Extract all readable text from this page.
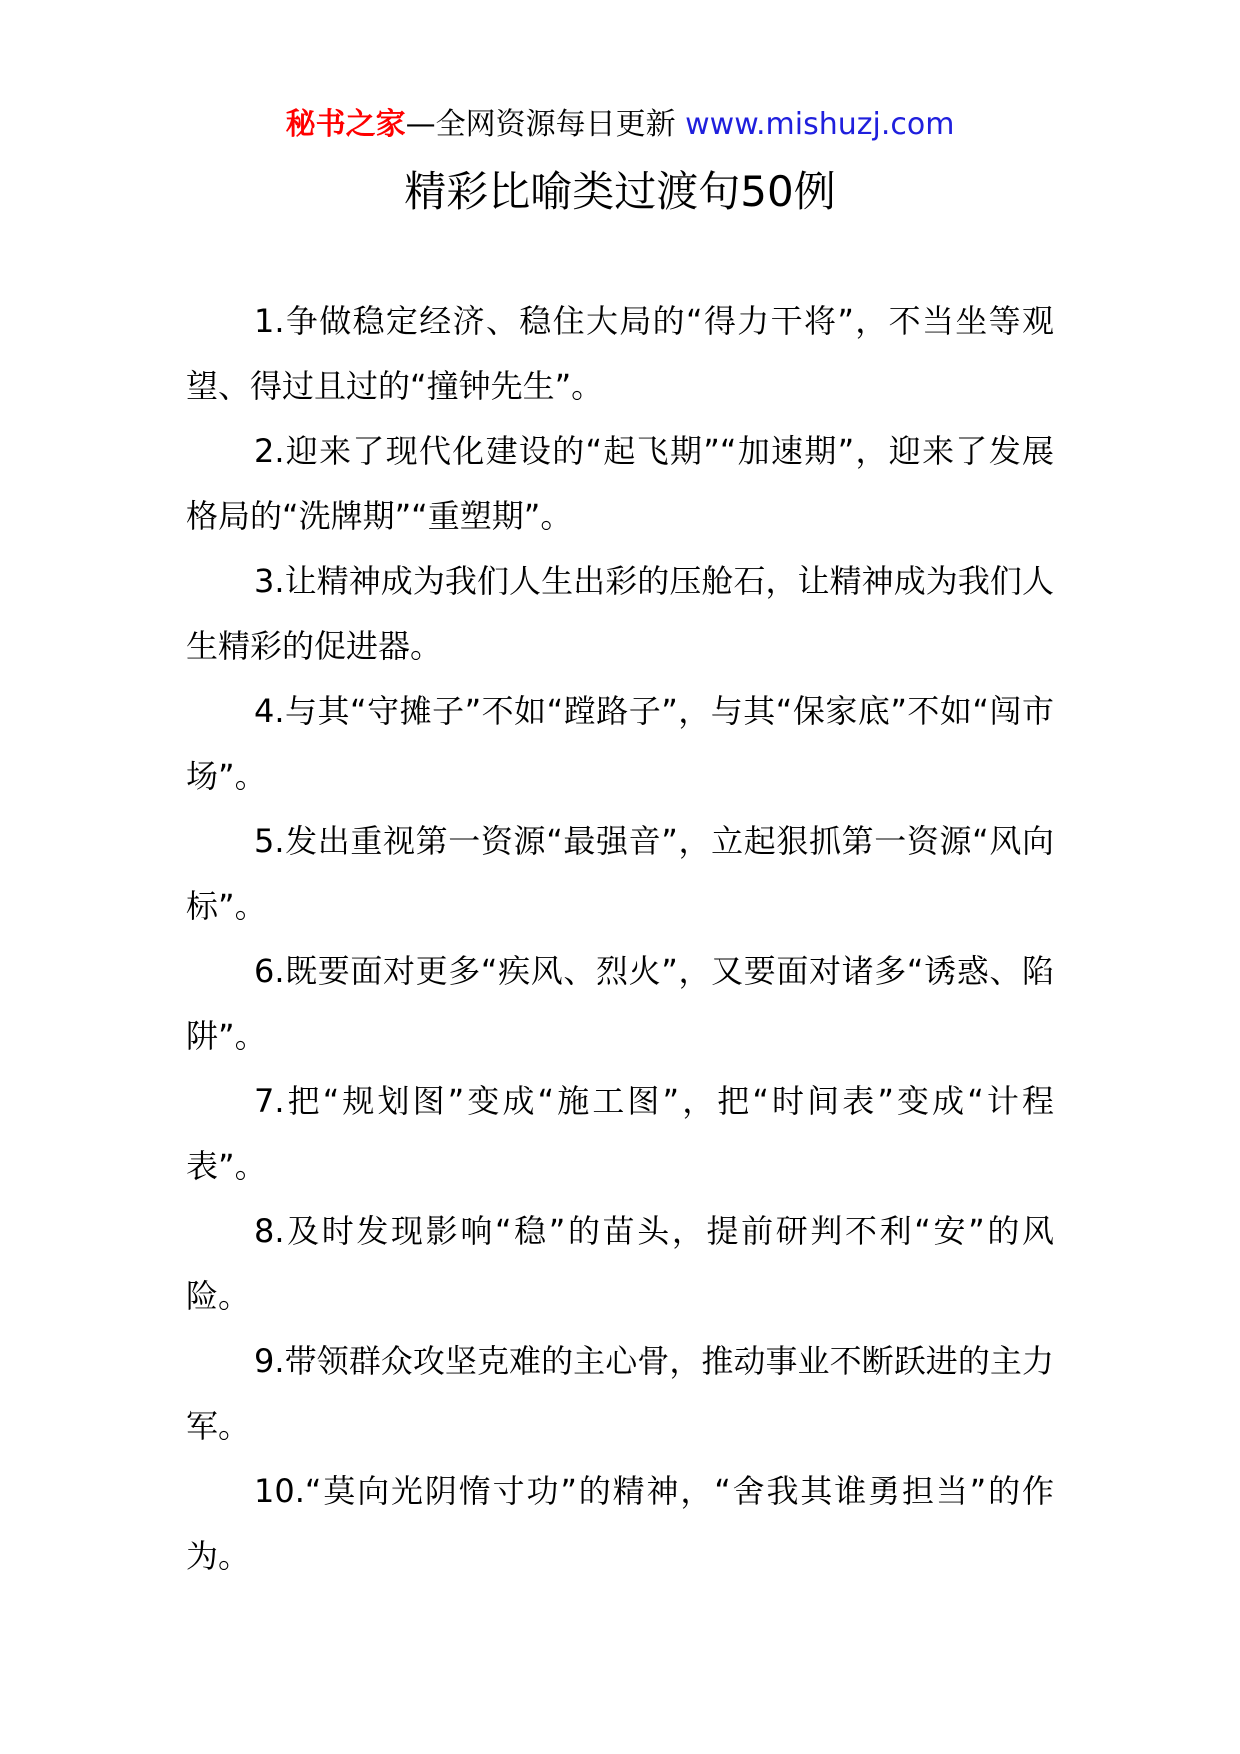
秘书之家—全网资源每日更新 www.mishuzj.com
精彩比喻类过渡句50例

1.争做稳定经济、稳住大局的“得力干将”，不当坐等观望、得过且过的“撞钟先生”。

2.迎来了现代化建设的“起飞期”“加速期”，迎来了发展格局的“洗牌期”“重塑期”。

3.让精神成为我们人生出彩的压舱石，让精神成为我们人生精彩的促进器。

4.与其“守摊子”不如“蹚路子”，与其“保家底”不如“闯市场”。

5.发出重视第一资源“最强音”，立起狠抓第一资源“风向标”。

6.既要面对更多“疾风、烈火”，又要面对诸多“诱惑、陷阱”。

7.把“规划图”变成“施工图”，把“时间表”变成“计程表”。

8.及时发现影响“稳”的苗头，提前研判不利“安”的风险。

9.带领群众攻坚克难的主心骨，推动事业不断跃进的主力军。

10.“莫向光阴惰寸功”的精神，“舍我其谁勇担当”的作为。
